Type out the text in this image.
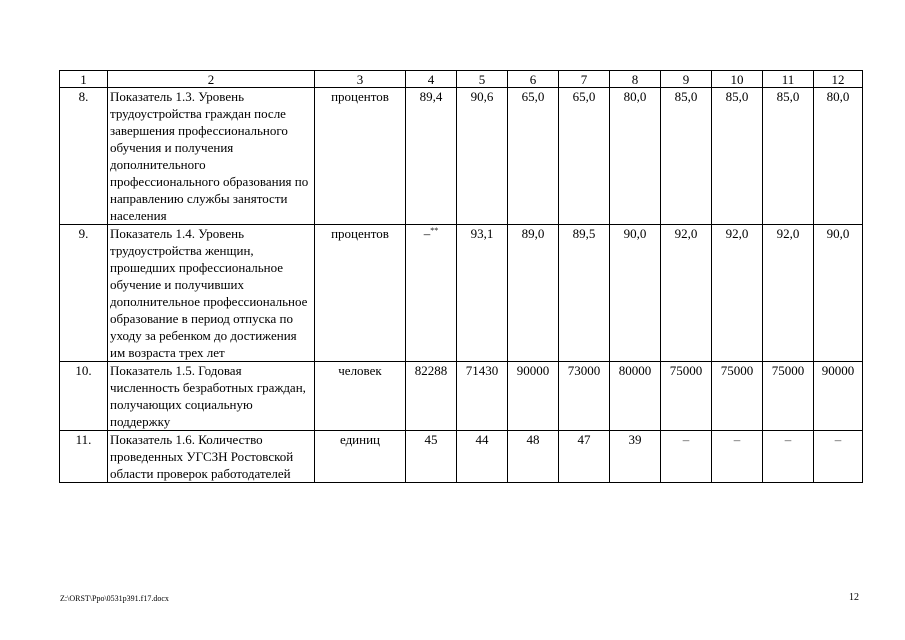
1	2	3	4	5	6	7	8	9	10	11	12
8.	Показатель 1.3. Уровень трудоустройства граждан после завершения профессионального обучения и получения дополнительного профессионального образования по направлению службы занятости населения	процентов	89,4	90,6	65,0	65,0	80,0	85,0	85,0	85,0	80,0
9.	Показатель 1.4. Уровень трудоустройства женщин, прошедших профессиональное обучение и получивших дополнительное профессиональное образование в период отпуска по уходу за ребенком до достижения им возраста трех лет	процентов	–**	93,1	89,0	89,5	90,0	92,0	92,0	92,0	90,0
10.	Показатель 1.5. Годовая численность безработных граждан, получающих социальную поддержку	человек	82288	71430	90000	73000	80000	75000	75000	75000	90000
11.	Показатель 1.6. Количество проведенных УГСЗН Ростовской области проверок работодателей	единиц	45	44	48	47	39	–	–	–	–
Z:\ORST\Ppo\0531p391.f17.docx	12
